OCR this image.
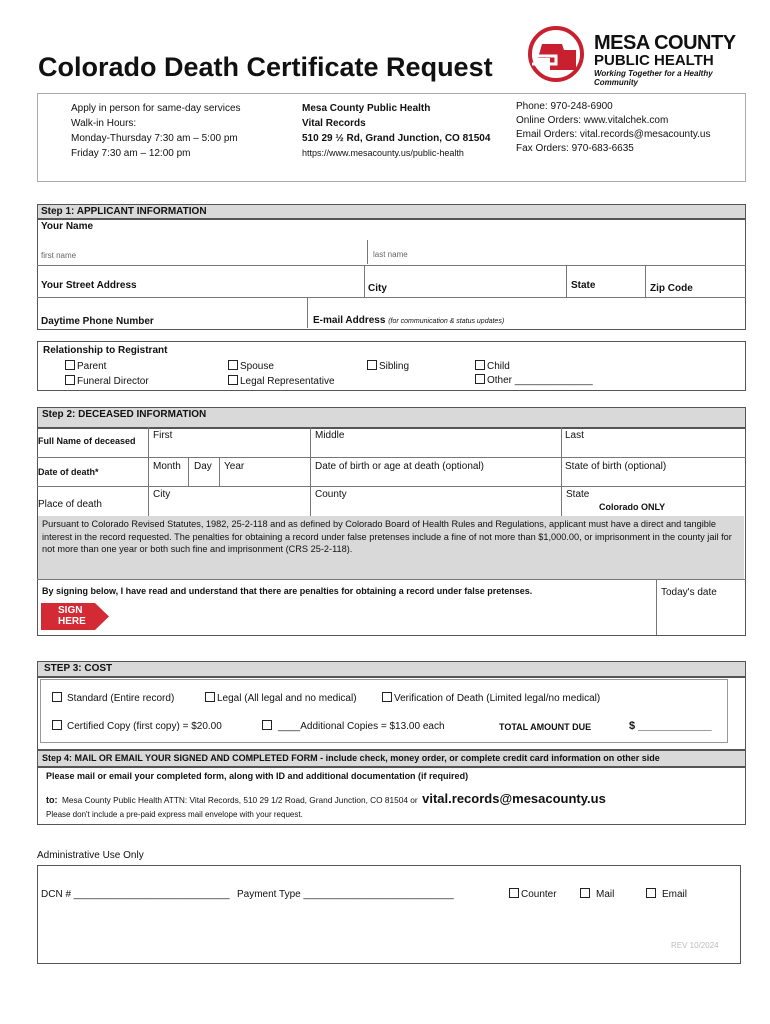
Colorado Death Certificate Request
MESA COUNTY
PUBLIC HEALTH
Working Together for a Healthy Community
Apply in person for same-day services
Walk-in Hours:
Monday-Thursday 7:30 am – 5:00 pm
Friday 7:30 am – 12:00 pm
Mesa County Public Health
Vital Records
510 29 ½ Rd, Grand Junction, CO 81504
https://www.mesacounty.us/public-health
Phone: 970-248-6900
Online Orders: www.vitalchek.com
Email Orders: vital.records@mesacounty.us
Fax Orders: 970-683-6635
Step 1: APPLICANT INFORMATION
Your Name
first name	last name
Your Street Address	City	State	Zip Code
Daytime Phone Number	E-mail Address (for communication & status updates)
Relationship to Registrant
Parent
Funeral Director
Spouse
Legal Representative
Sibling	Child
Other ______________
Step 2: DECEASED INFORMATION
Full Name of deceased First	Middle	Last
Date of death*	Month Day Year	Date of birth or age at death (optional)	State of birth (optional)
Place of death
City	County	State
Colorado ONLY
Pursuant to Colorado Revised Statutes, 1982, 25-2-118 and as defined by Colorado Board of Health Rules and Regulations, applicant must have a direct and tangible interest in the record requested. The penalties for obtaining a record under false pretenses include a fine of not more than $1,000.00, or imprisonment in the county jail for not more than one year or both such fine and imprisonment (CRS 25-2-118).
By signing below, I have read and understand that there are penalties for obtaining a record under false pretenses.	Today's date
SIGN
HERE
STEP 3: COST
Standard (Entire record)	Legal (All legal and no medical)	Verification of Death (Limited legal/no medical)
Certified Copy (first copy) = $20.00	____Additional Copies = $13.00 each	TOTAL AMOUNT DUE	$ ____________
Step 4: MAIL OR EMAIL YOUR SIGNED AND COMPLETED FORM - include check, money order, or complete credit card information on other side
Please mail or email your completed form, along with ID and additional documentation (if required)
to: Mesa County Public Health ATTN: Vital Records, 510 29 1/2 Road, Grand Junction, CO 81504 or vital.records@mesacounty.us
Please don't include a pre-paid express mail envelope with your request.
Administrative Use Only
DCN # ____________________________ Payment Type ___________________________	Counter	Mail	Email
REV 10/2024
